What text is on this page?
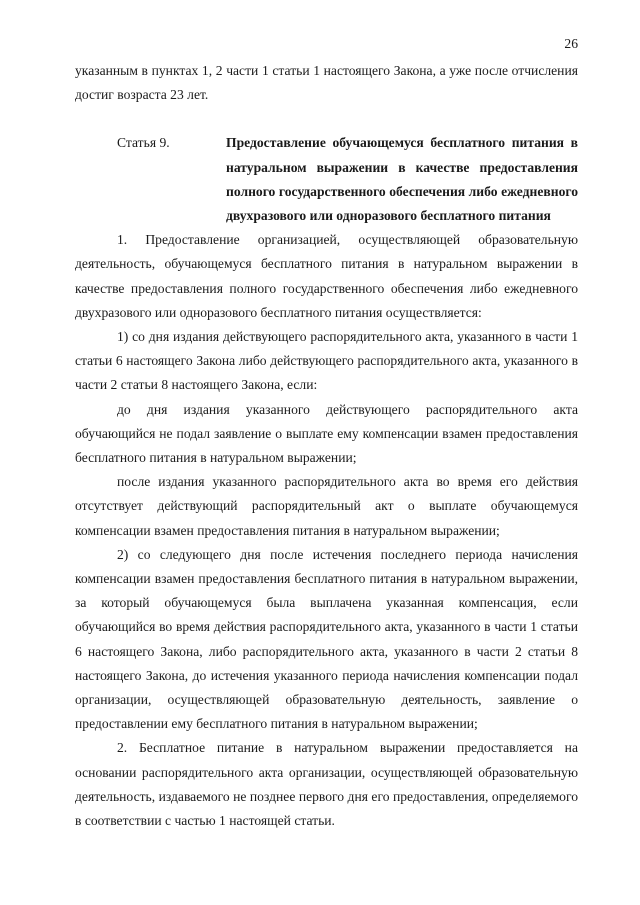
26

указанным в пунктах 1, 2 части 1 статьи 1 настоящего Закона, а уже после отчисления достиг возраста 23 лет.

Статья 9.	Предоставление обучающемуся бесплатного питания в натуральном выражении в качестве предоставления полного государственного обеспечения либо ежедневного двухразового или одноразового бесплатного питания

1. Предоставление организацией, осуществляющей образовательную деятельность, обучающемуся бесплатного питания в натуральном выражении в качестве предоставления полного государственного обеспечения либо ежедневного двухразового или одноразового бесплатного питания осуществляется:

1) со дня издания действующего распорядительного акта, указанного в части 1 статьи 6 настоящего Закона либо действующего распорядительного акта, указанного в части 2 статьи 8 настоящего Закона, если:

до дня издания указанного действующего распорядительного акта обучающийся не подал заявление о выплате ему компенсации взамен предоставления бесплатного питания в натуральном выражении;

после издания указанного распорядительного акта во время его действия отсутствует действующий распорядительный акт о выплате обучающемуся компенсации взамен предоставления питания в натуральном выражении;

2) со следующего дня после истечения последнего периода начисления компенсации взамен предоставления бесплатного питания в натуральном выражении, за который обучающемуся была выплачена указанная компенсация, если обучающийся во время действия распорядительного акта, указанного в части 1 статьи 6 настоящего Закона, либо распорядительного акта, указанного в части 2 статьи 8 настоящего Закона, до истечения указанного периода начисления компенсации подал организации, осуществляющей образовательную деятельность, заявление о предоставлении ему бесплатного питания в натуральном выражении;

2. Бесплатное питание в натуральном выражении предоставляется на основании распорядительного акта организации, осуществляющей образовательную деятельность, издаваемого не позднее первого дня его предоставления, определяемого в соответствии с частью 1 настоящей статьи.
